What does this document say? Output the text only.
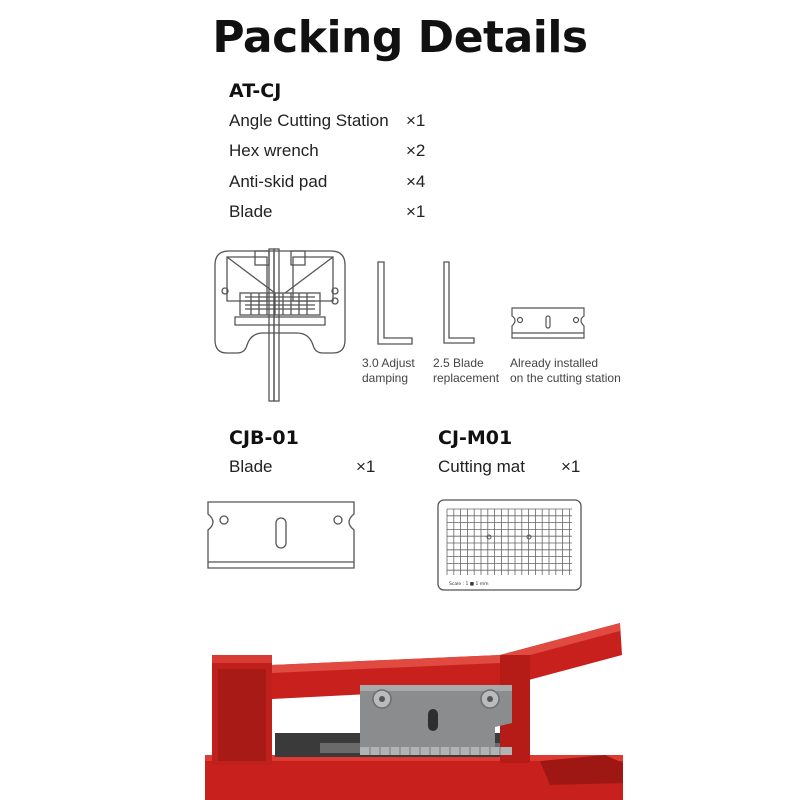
Packing Details
AT-CJ
Angle Cutting Station ×1
Hex wrench	×2
Anti-skid pad	×4
Blade	×1
3.0 Adjust
damping
2.5 Blade
replacement
Already installed
on the cutting station
CJB-01
Blade	×1
CJ-M01
Cutting mat ×1
Scale : 1 ■ 1 mm
